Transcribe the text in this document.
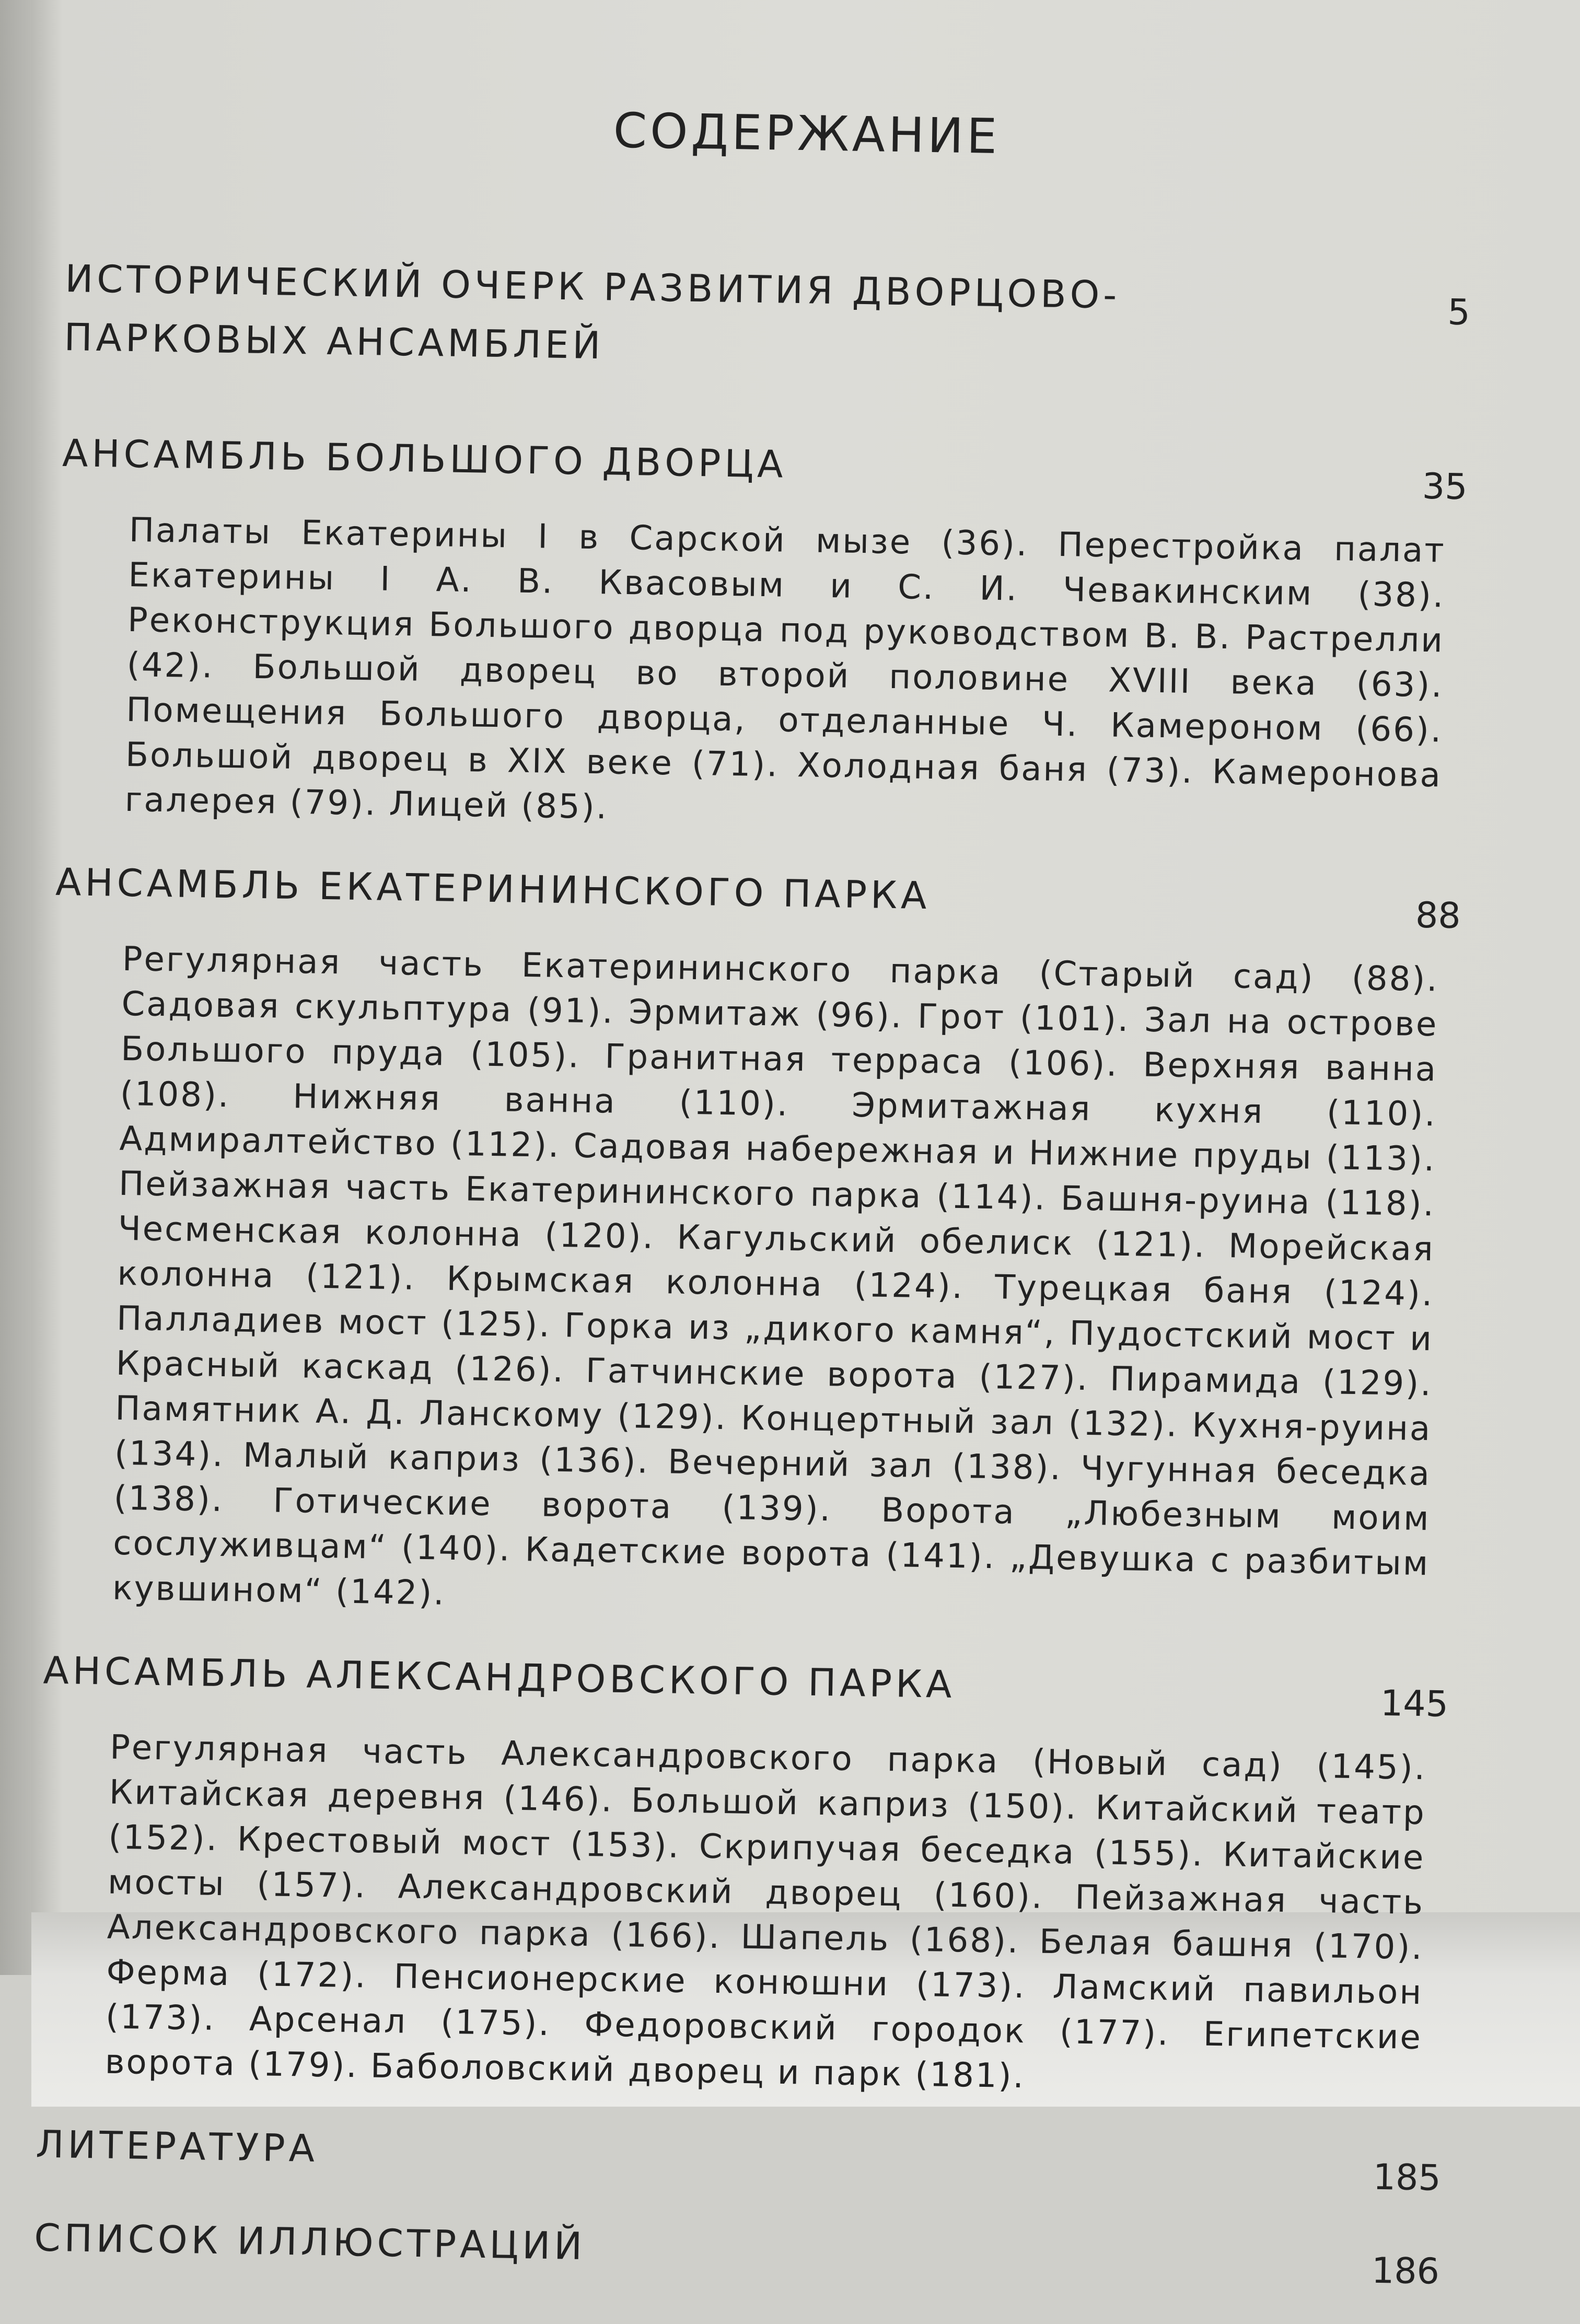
СОДЕРЖАНИЕ
ИСТОРИЧЕСКИЙ ОЧЕРК РАЗВИТИЯ ДВОРЦОВО-ПАРКОВЫХ АНСАМБЛЕЙ
5
АНСАМБЛЬ БОЛЬШОГО ДВОРЦА
35
Палаты Екатерины I в Сарской мызе (36). Перестройка палат Екатерины I А. В. Квасовым и С. И. Чевакинским (38). Реконструкция Большого дворца под руководством В. В. Растрелли (42). Большой дворец во второй половине XVIII века (63). Помещения Большого дворца, отделанные Ч. Камероном (66). Большой дворец в XIX веке (71). Холодная баня (73). Камеронова галерея (79). Лицей (85).
АНСАМБЛЬ ЕКАТЕРИНИНСКОГО ПАРКА	88
Регулярная часть Екатерининского парка (Старый сад) (88). Садовая скульптура (91). Эрмитаж (96). Грот (101). Зал на острове Большого пруда (105). Гранитная терраса (106). Верхняя ванна (108). Нижняя ванна (110). Эрмитажная кухня (110). Адмиралтейство (112). Садовая набережная и Нижние пруды (113). Пейзажная часть Екатерининского парка (114). Башня-руина (118). Чесменская колонна (120). Кагульский обелиск (121). Морейская колонна (121). Крымская колонна (124). Турецкая баня (124). Палладиев мост (125). Горка из „дикого камня“, Пудостский мост и Красный каскад (126). Гатчинские ворота (127). Пирамида (129). Памятник А. Д. Ланскому (129). Концертный зал (132). Кухня-руина (134). Малый каприз (136). Вечерний зал (138). Чугунная беседка (138). Готические ворота (139). Ворота „Любезным моим сослуживцам“ (140). Кадетские ворота (141). „Девушка с разбитым кувшином“ (142).
АНСАМБЛЬ АЛЕКСАНДРОВСКОГО ПАРКА	145
Регулярная часть Александровского парка (Новый сад) (145). Китайская деревня (146). Большой каприз (150). Китайский театр (152). Крестовый мост (153). Скрипучая беседка (155). Китайские мосты (157). Александровский дворец (160). Пейзажная часть Александровского парка (166). Шапель (168). Белая башня (170). Ферма (172). Пенсионерские конюшни (173). Ламский павильон (173). Арсенал (175). Федоровский городок (177). Египетские ворота (179). Баболовский дворец и парк (181).
ЛИТЕРАТУРА
185
СПИСОК ИЛЛЮСТРАЦИЙ
186
